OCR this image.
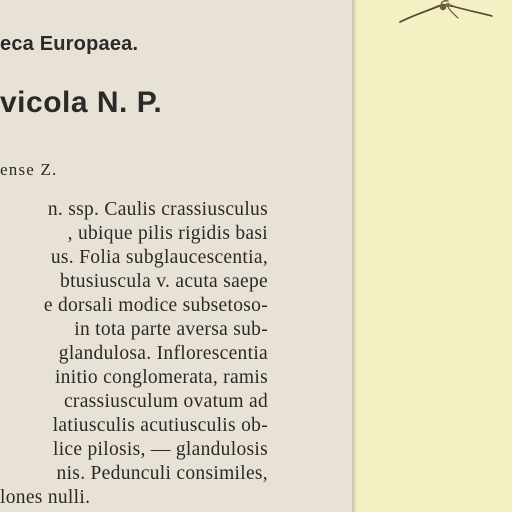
eca Europaea.
vicola N. P.
ense Z.
n. ssp. Caulis crassiusculus
, ubique pilis rigidis basi
us. Folia subglaucescentia,
btusiuscula v. acuta saepe
e dorsali modice subsetoso-
in tota parte aversa sub-
glandulosa. Inflorescentia
initio conglomerata, ramis
crassiusculum ovatum ad
latiusculis acutiusculis ob-
lice pilosis, — glandulosis
nis. Pedunculi consimiles,
lones nulli.
